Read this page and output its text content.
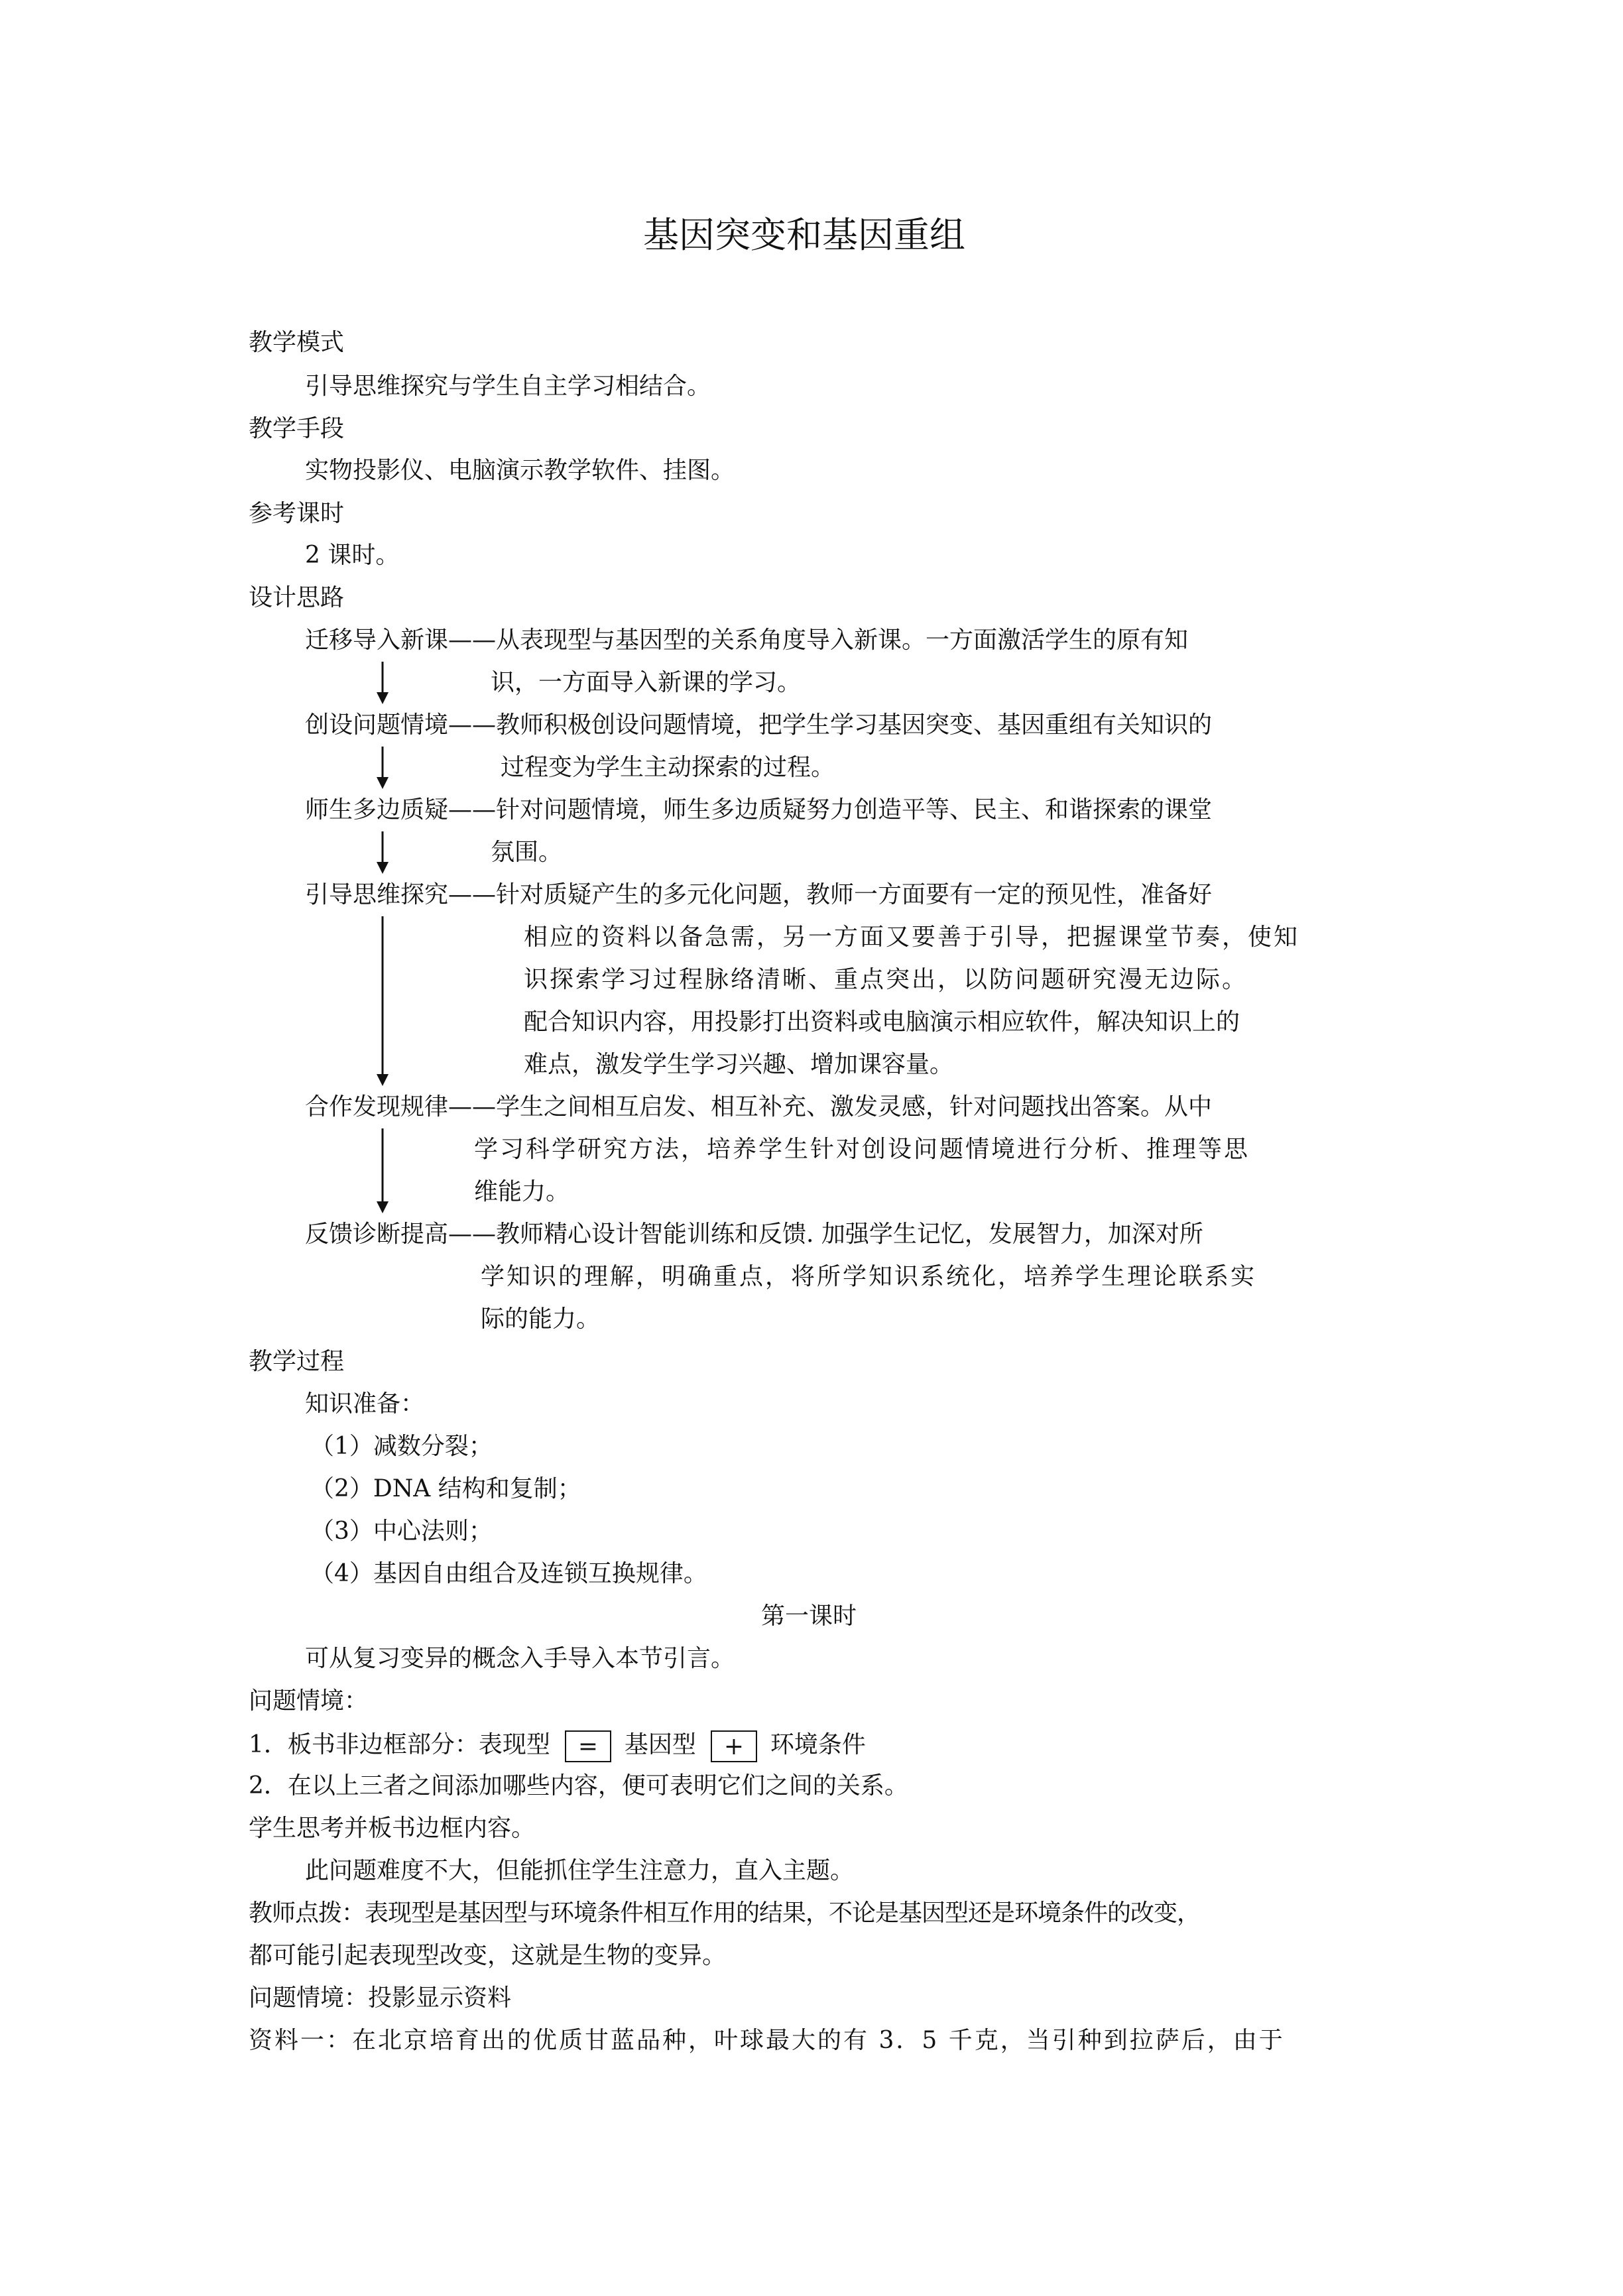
基因突变和基因重组
教学模式
引导思维探究与学生自主学习相结合。
教学手段
实物投影仪、电脑演示教学软件、挂图。
参考课时
2 课时。
设计思路
迁移导入新课——从表现型与基因型的关系角度导入新课。一方面激活学生的原有知
识，一方面导入新课的学习。
创设问题情境——教师积极创设问题情境，把学生学习基因突变、基因重组有关知识的
过程变为学生主动探索的过程。
师生多边质疑——针对问题情境，师生多边质疑努力创造平等、民主、和谐探索的课堂
氛围。
引导思维探究——针对质疑产生的多元化问题，教师一方面要有一定的预见性，准备好
相应的资料以备急需，另一方面又要善于引导，把握课堂节奏，使知
识探索学习过程脉络清晰、重点突出，以防问题研究漫无边际。
配合知识内容，用投影打出资料或电脑演示相应软件，解决知识上的
难点，激发学生学习兴趣、增加课容量。
合作发现规律——学生之间相互启发、相互补充、激发灵感，针对问题找出答案。从中
学习科学研究方法，培养学生针对创设问题情境进行分析、推理等思
维能力。
反馈诊断提高——教师精心设计智能训练和反馈. 加强学生记忆，发展智力，加深对所
学知识的理解，明确重点，将所学知识系统化，培养学生理论联系实
际的能力。
教学过程
知识准备：
（1）减数分裂；
（2）DNA 结构和复制；
（3）中心法则；
（4）基因自由组合及连锁互换规律。
第一课时
可从复习变异的概念入手导入本节引言。
问题情境：
1．板书非边框部分：表现型 = 基因型 + 环境条件
2．在以上三者之间添加哪些内容，便可表明它们之间的关系。
学生思考并板书边框内容。
此问题难度不大，但能抓住学生注意力，直入主题。
教师点拨：表现型是基因型与环境条件相互作用的结果，不论是基因型还是环境条件的改变，
都可能引起表现型改变，这就是生物的变异。
问题情境：投影显示资料
资料一：在北京培育出的优质甘蓝品种，叶球最大的有 3．5 千克，当引种到拉萨后，由于
